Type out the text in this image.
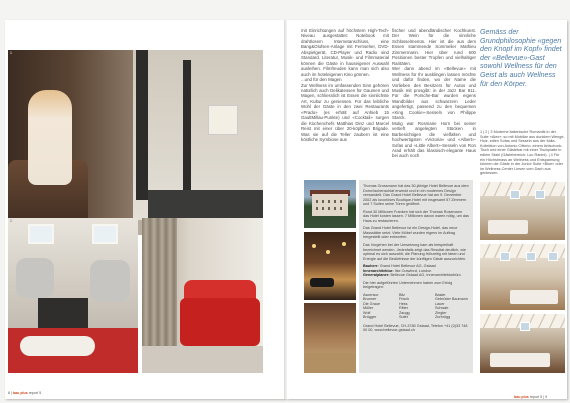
1
2
8 | bau plus report 5

mit Einrichtungen auf höchstem High-Tech-Niveau ausgestattet: Notebook mit drahtlosem Internetanschluss, eine Bang&Olufsen-Anlage mit Fernseher, DVD-Abspielgerät, CD-Player und Radio sind Standard. Literatur, Musik- und Filmmaterial können die Gäste in hauseigener Auswahl ausleihen. Filmfreuden kann man sich also auch im hoteleigenen Kino gönnen.

...und für den Magen

Zur Wellness im umfassenden Sinn gehören natürlich auch Delikatessen für Gaumen und Magen, schliesslich ist Essen die sinnlichste Art, Kultur zu geniessen. Für das leibliche Wohl der Gäste in den zwei Restaurants «Prado» (es erhält auf Anhieb 15 GaultMillau-Punkte) und «Cocktail» sorgen die Küchenchefs Matthias Dinz und Marcel Reist mit einer über 20-köpfigen Brigade. Was sie auf die Teller zaubern ist eine köstliche Symbiose aus

fischer und abendländischer Kochkunst. Der Wein für die sinnliche Schlüsselmenüs. Hier ist die aus dem Essen stammende Sommelier Mathieu Zimmermann. Hier über rund 600 Positionen bester Tropfen und vielhaltiger Raritäten.

Wer dann abend im «Bellevue» mit Wellness für Ihr ausklingen lassen möchte und dafür finden, wo der Name die Vorlieben des Besitzers für Autos und Musik mit prosgibt: in der Jazz Bar 811. Für die Porsche-Bar wurden eigens Wandbilder aus schwarzem Leder angefertigt, passend zu den bequemen «King Cookie»-Sesseln von Philippe Starck.

Mutig war Rosmarie Horn bei seiner vertieft angelegten Stücken in Barbesichtigen die vielfalten und hochwertigsten «Victoria» und «Albert»-Sofas und «Little Albert»-Sesseln von Ron Arad erhält das klassisch-elegante Haus bei auch noch

Gemäss der Grundphilosophie «gegen den Knopf im Kopf» findet der «Bellevue»-Gast sowohl Wellness für den Geist als auch Wellness für den Körper.
1 | 2 | 3 Moderne italienische Romantik in der Suite «Alex»: so mit Mobiliar aus dunklem Wengé-Holz, edlen Sofas und Sesseln aus der Italia-Kollektion von Antonio Citterio, einem Artischock-Tisch und einer Gästebar mit einer Tischplatte in edlem Stahl (Gästebereich: Lou Ranini). | 4 Für ein Höchstmass an Wellness und Entspannung können die Gäste in der Junior Suite «Blue» oder im Wellness-Center Linsen vom Dach aus geniessen.

Thomas Grossmann hat das 30-jährige Hotel Bellevue aus dem Dornröschenschlaf erweckt und in ein modernes Design verwandelt. Das Grand Hotel Bellevue hat am 9. Dezember 2002 als luxuriöses Boutique-Hotel mit insgesamt 57 Zimmern und 7 Suiten seine Türen geöffnet.

Rund 30 Millionen Franken hat sich der Thomas Rosemann das Hotel kosten lassen. 7 Millionen davon waren nötig, um das Haus zu restaurieren.

Das Grand Hotel Bellevue ist ein Design-Hotel, das neue Massstäbe setzt. Viele Möbel wurden eigens im Auftrag hergestellt oder entworfen.

Das Vorgehen bei der Umsetzung kam als beispielhaft bezeichnet werden. Jedenfalls zeigt das Resultat deutlich, wie optimal es sich auszahlt, die Planung frühzeitig mit Ideen und Energie auf die Bedürfnisse der künftigen Gäste auszurichten.

Bauherr: Grand Hotel Bellevue AG, Gstaad

Innenarchitektur: Ilse Crawford, London

Generalplaner: Bellevue Gstaad AG, Innenarchitekturbüro

Die hier aufgeführten Unternehmen haben zum Erfolg beigetragen:

Ascensor	Bilz	Basler
Brunner	Frisch	Gebrüder Baumann
Die Graue	Hess	Lauer
Müller	Ritter	Schwab
Wolf	Zaugg	Ziegler
Brügger	Suter	Zurbrügg

Grand Hotel Bellevue, CH-3780 Gstaad, Telefon +41 (0)33 748 00 00, www.bellevue-gstaad.ch

bau plus report 5 | 9
